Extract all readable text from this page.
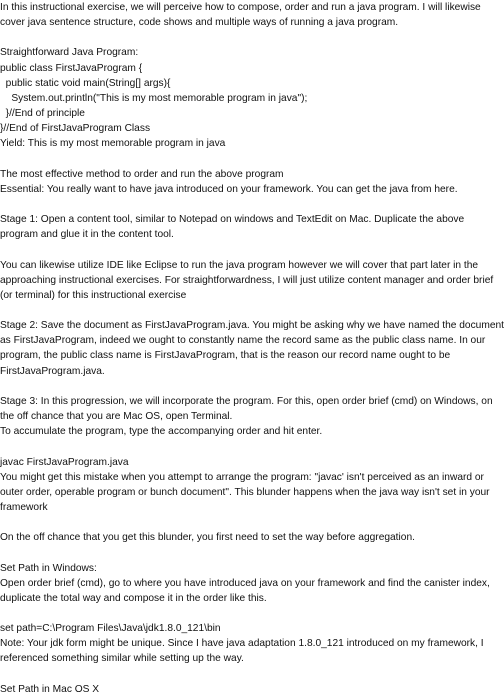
In this instructional exercise, we will perceive how to compose, order and run a java program. I will likewise
cover java sentence structure, code shows and multiple ways of running a java program.
Straightforward Java Program:
public class FirstJavaProgram {
public static void main(String[] args){
System.out.println("This is my most memorable program in java");
}//End of principle
}//End of FirstJavaProgram Class
Yield: This is my most memorable program in java
The most effective method to order and run the above program
Essential: You really want to have java introduced on your framework. You can get the java from here.
Stage 1: Open a content tool, similar to Notepad on windows and TextEdit on Mac. Duplicate the above
program and glue it in the content tool.
You can likewise utilize IDE like Eclipse to run the java program however we will cover that part later in the
approaching instructional exercises. For straightforwardness, I will just utilize content manager and order brief
(or terminal) for this instructional exercise
Stage 2: Save the document as FirstJavaProgram.java. You might be asking why we have named the document
as FirstJavaProgram, indeed we ought to constantly name the record same as the public class name. In our
program, the public class name is FirstJavaProgram, that is the reason our record name ought to be
FirstJavaProgram.java.
Stage 3: In this progression, we will incorporate the program. For this, open order brief (cmd) on Windows, on
the off chance that you are Mac OS, open Terminal.
To accumulate the program, type the accompanying order and hit enter.
javac FirstJavaProgram.java
You might get this mistake when you attempt to arrange the program: "javac' isn't perceived as an inward or
outer order, operable program or bunch document". This blunder happens when the java way isn't set in your
framework
On the off chance that you get this blunder, you first need to set the way before aggregation.
Set Path in Windows:
Open order brief (cmd), go to where you have introduced java on your framework and find the canister index,
duplicate the total way and compose it in the order like this.
set path=C:\Program Files\Java\jdk1.8.0_121\bin
Note: Your jdk form might be unique. Since I have java adaptation 1.8.0_121 introduced on my framework, I
referenced something similar while setting up the way.
Set Path in Mac OS X
